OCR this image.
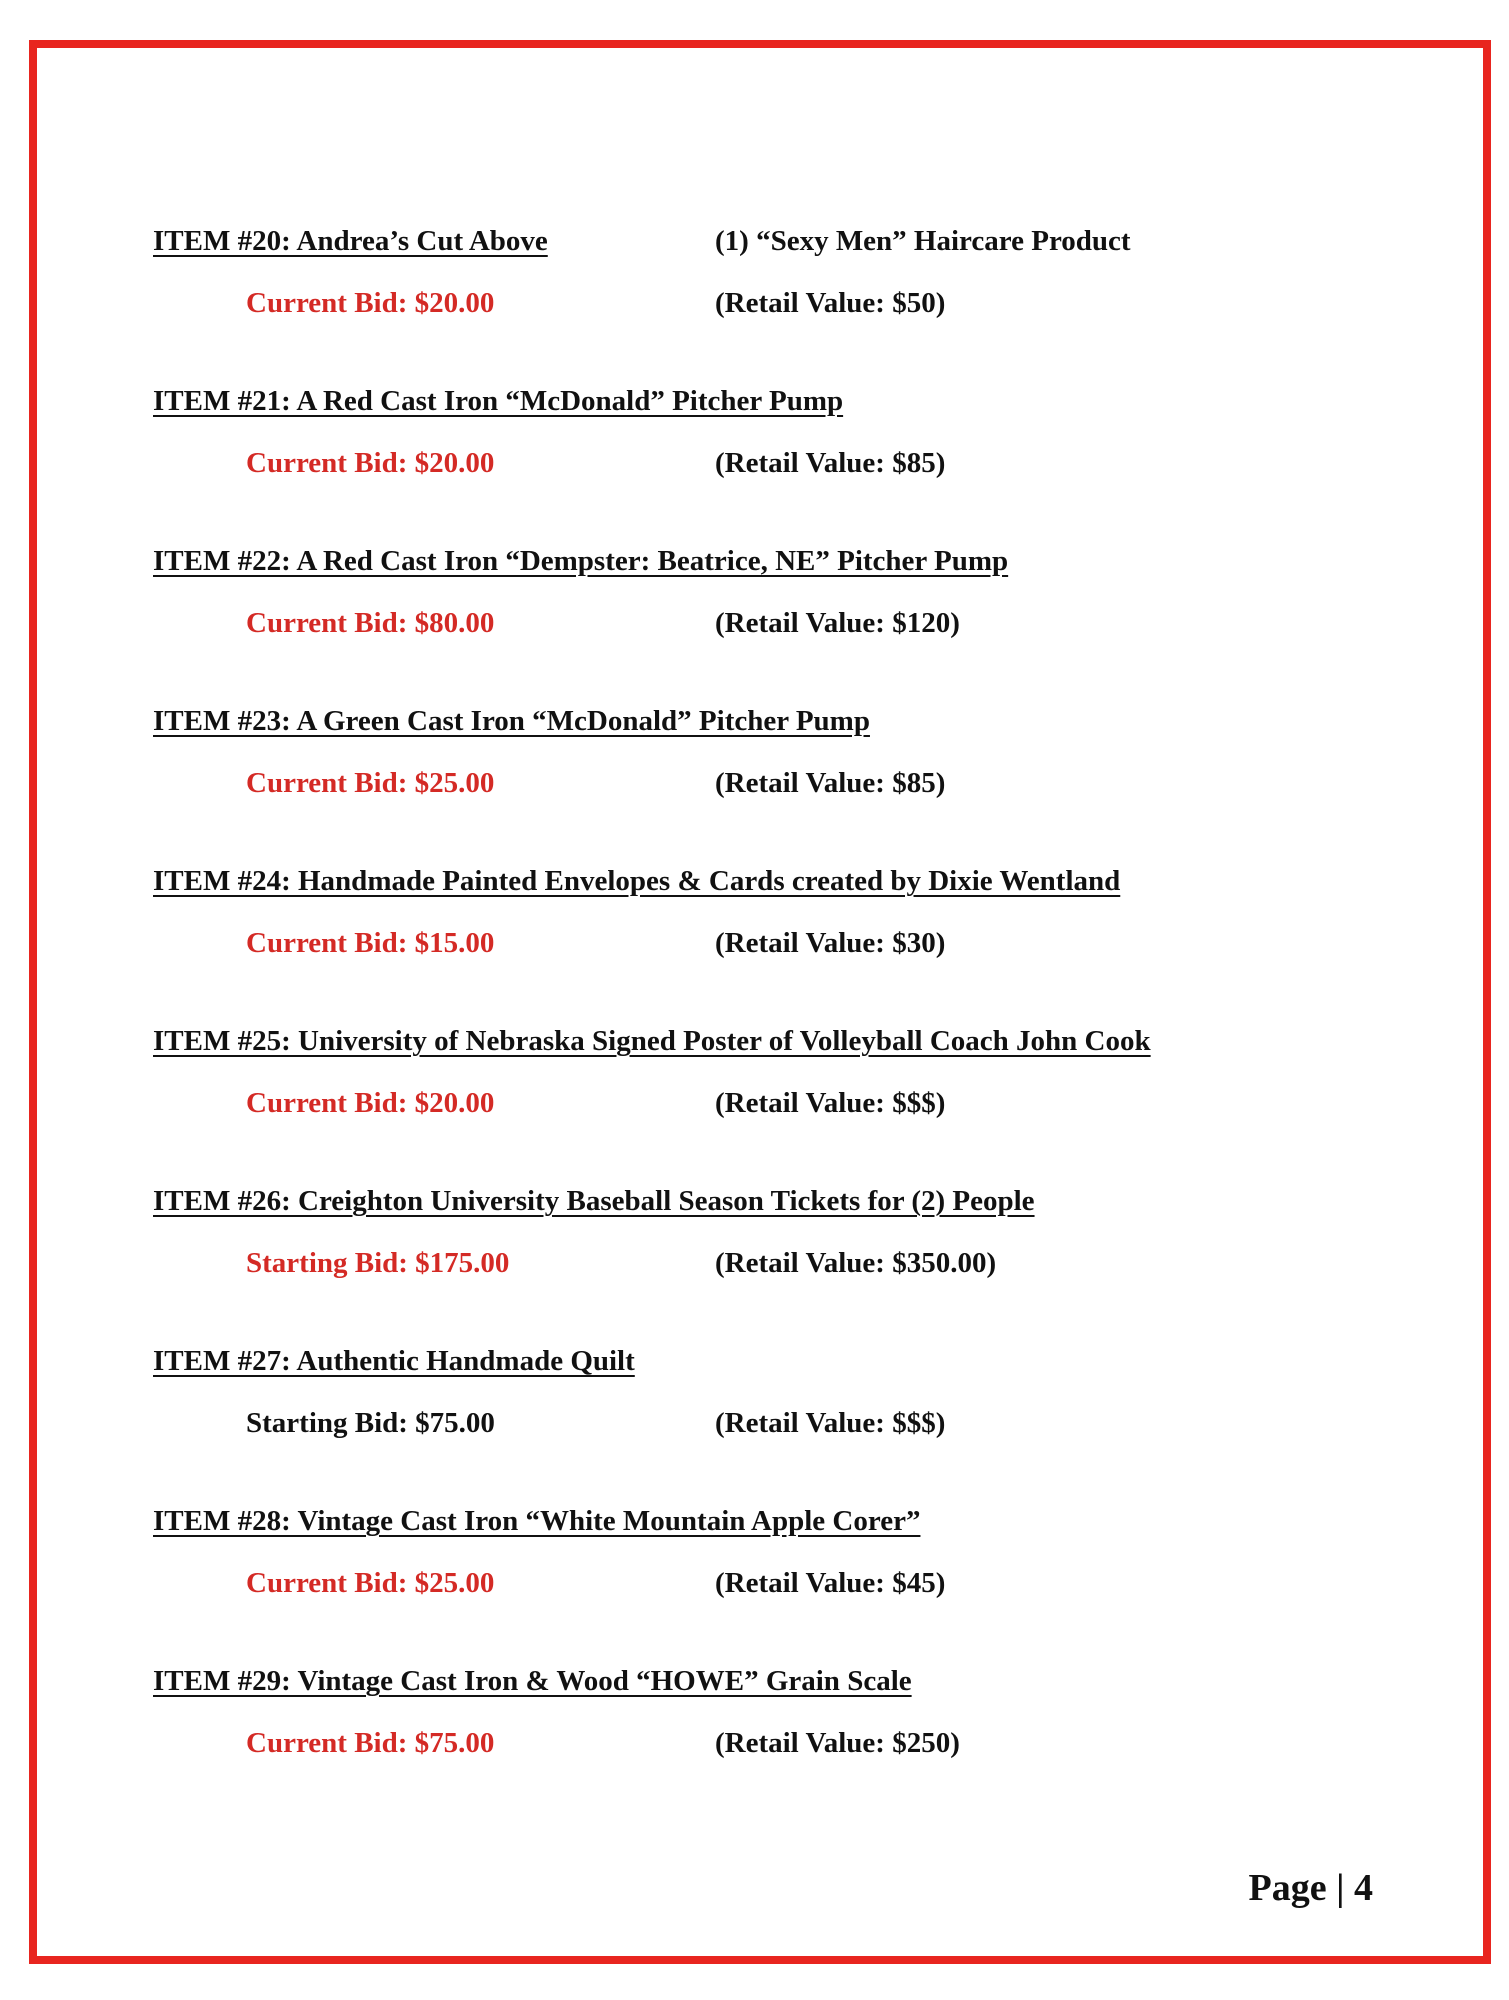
ITEM #20: Andrea’s Cut Above	(1) “Sexy Men” Haircare Product
Current Bid: $20.00	(Retail Value: $50)
ITEM #21: A Red Cast Iron “McDonald” Pitcher Pump
Current Bid: $20.00	(Retail Value: $85)
ITEM #22: A Red Cast Iron “Dempster: Beatrice, NE” Pitcher Pump
Current Bid: $80.00	(Retail Value: $120)
ITEM #23: A Green Cast Iron “McDonald” Pitcher Pump
Current Bid: $25.00	(Retail Value: $85)
ITEM #24: Handmade Painted Envelopes & Cards created by Dixie Wentland
Current Bid: $15.00	(Retail Value: $30)
ITEM #25: University of Nebraska Signed Poster of Volleyball Coach John Cook
Current Bid: $20.00	(Retail Value: $$$)
ITEM #26: Creighton University Baseball Season Tickets for (2) People
Starting Bid: $175.00	(Retail Value: $350.00)
ITEM #27: Authentic Handmade Quilt
Starting Bid: $75.00	(Retail Value: $$$)
ITEM #28: Vintage Cast Iron “White Mountain Apple Corer”
Current Bid: $25.00	(Retail Value: $45)
ITEM #29: Vintage Cast Iron & Wood “HOWE” Grain Scale
Current Bid: $75.00	(Retail Value: $250)
Page | 4
